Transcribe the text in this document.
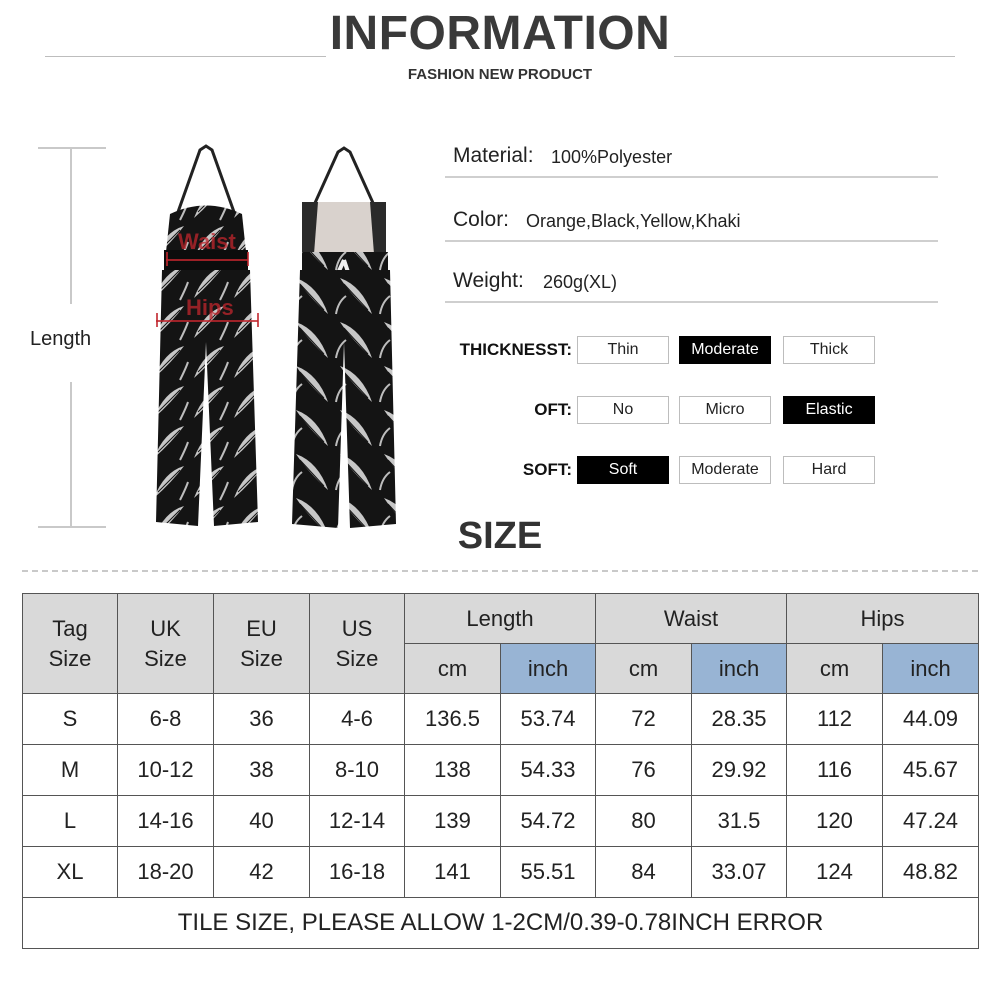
INFORMATION
FASHION NEW PRODUCT
Length
Waist
Hips
Material: 100%Polyester
Color: Orange,Black,Yellow,Khaki
Weight: 260g(XL)
THICKNESST:	Thin	Moderate	Thick
OFT:	No	Micro	Elastic
SOFT:	Soft	Moderate	Hard
SIZE
Tag Size	UK Size	EU Size	US Size	Length		Waist		Hips	
				cm	inch	cm	inch	cm	inch
S	6-8	36	4-6	136.5	53.74	72	28.35	112	44.09
M	10-12	38	8-10	138	54.33	76	29.92	116	45.67
L	14-16	40	12-14	139	54.72	80	31.5	120	47.24
XL	18-20	42	16-18	141	55.51	84	33.07	124	48.82
TILE SIZE, PLEASE ALLOW 1-2CM/0.39-0.78INCH ERROR									
